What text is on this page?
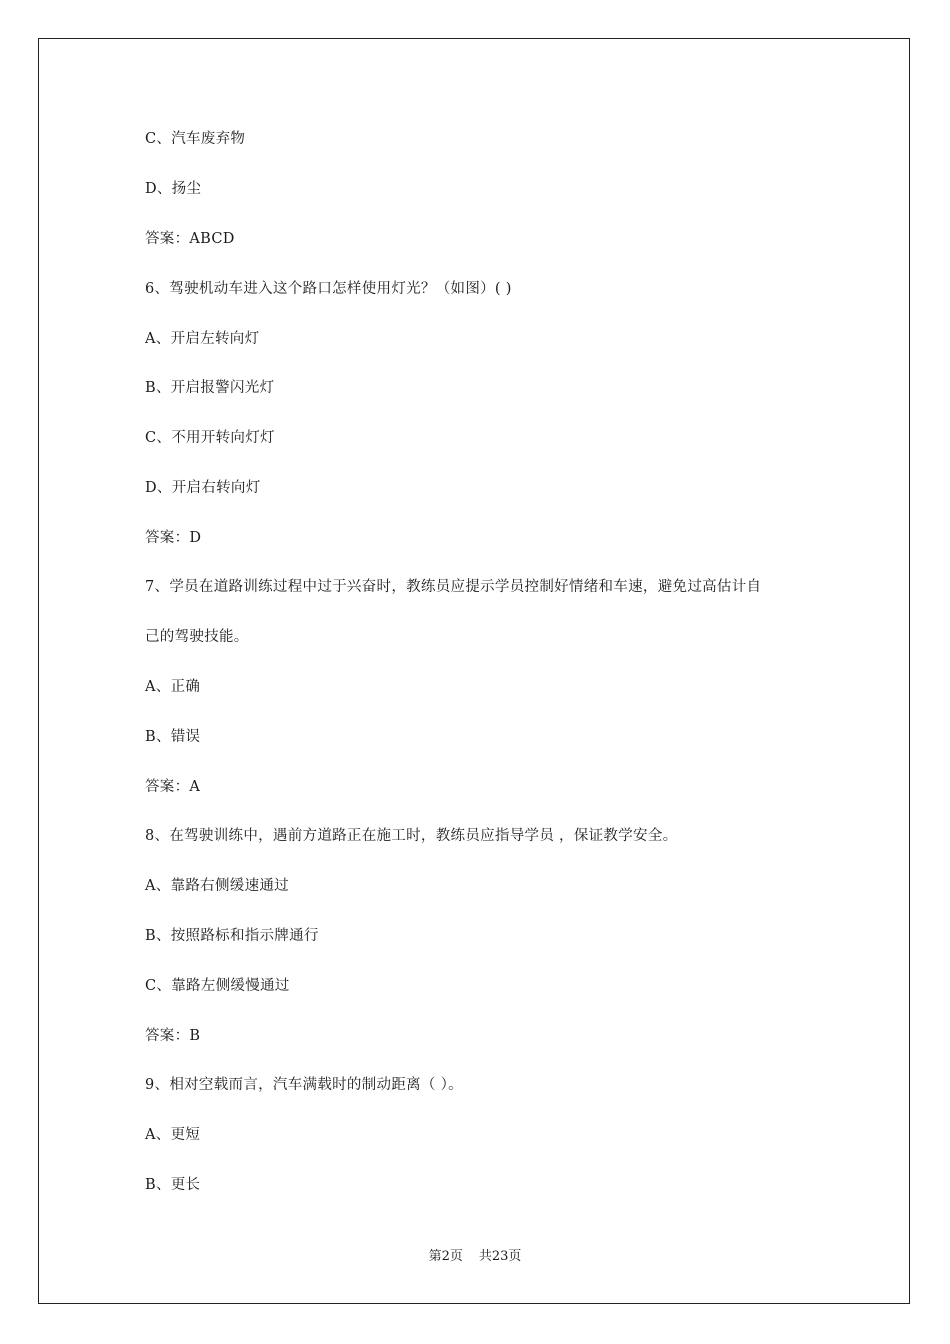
C、汽车废弃物
D、扬尘
答案：ABCD
6、驾驶机动车进入这个路口怎样使用灯光？（如图）( )
A、开启左转向灯
B、开启报警闪光灯
C、不用开转向灯灯
D、开启右转向灯
答案：D
7、学员在道路训练过程中过于兴奋时，教练员应提示学员控制好情绪和车速，避免过高估计自
己的驾驶技能。
A、正确
B、错误
答案：A
8、在驾驶训练中，遇前方道路正在施工时，教练员应指导学员 ，保证教学安全。
A、靠路右侧缓速通过
B、按照路标和指示牌通行
C、靠路左侧缓慢通过
答案：B
9、相对空载而言，汽车满载时的制动距离（ ）。
A、更短
B、更长
第2页 共23页
